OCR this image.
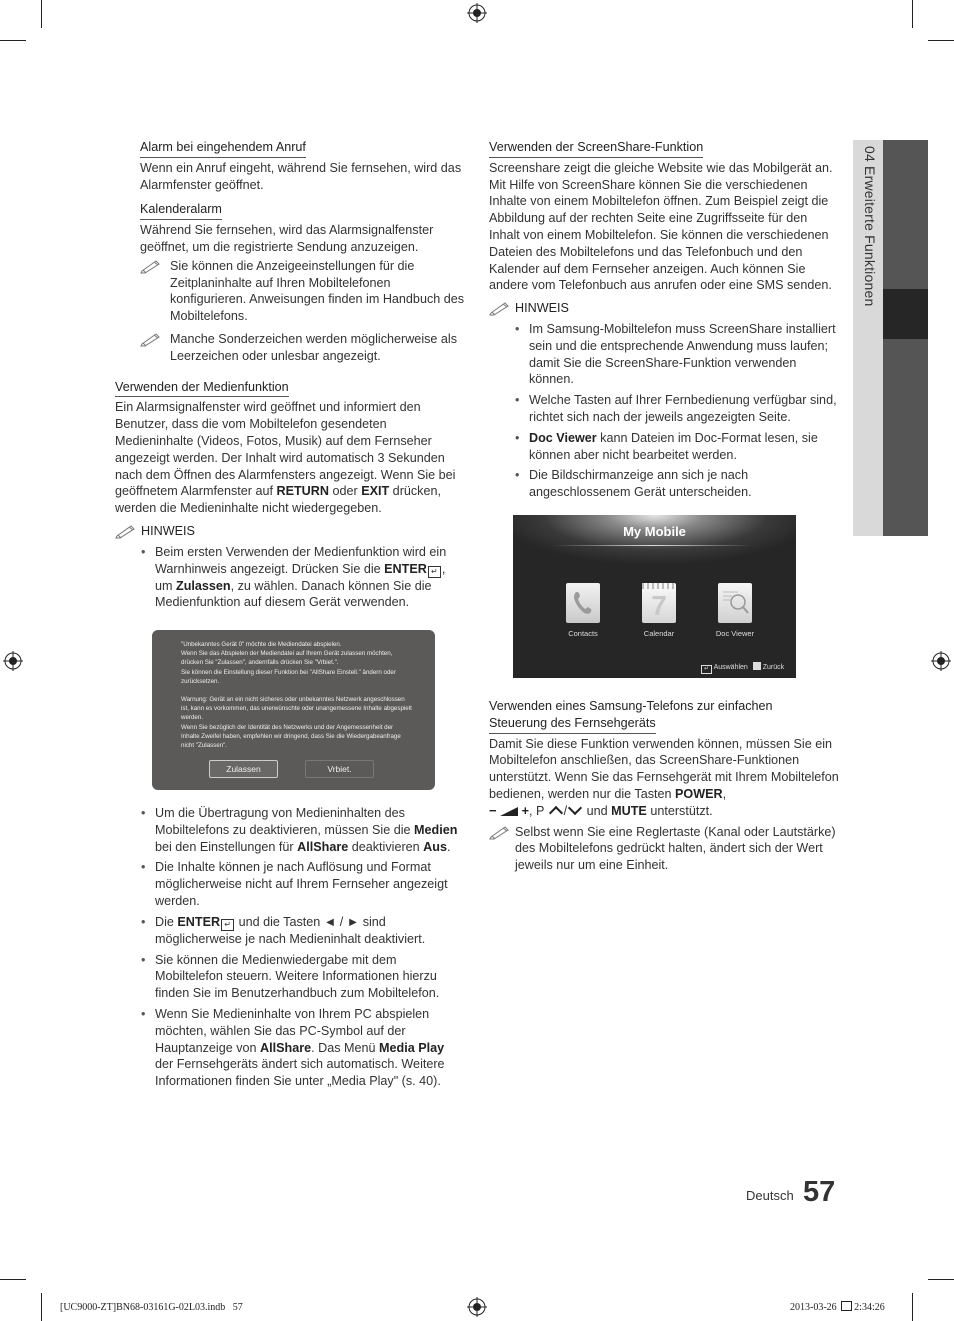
04 Erweiterte Funktionen
Alarm bei eingehendem Anruf

Wenn ein Anruf eingeht, während Sie fernsehen, wird das Alarmfenster geöffnet.

Kalenderalarm

Während Sie fernsehen, wird das Alarmsignalfenster geöffnet, um die registrierte Sendung anzuzeigen.

Sie können die Anzeigeeinstellungen für die Zeitplaninhalte auf Ihren Mobiltelefonen konfigurieren. Anweisungen finden im Handbuch des Mobiltelefons.
Manche Sonderzeichen werden möglicherweise als Leerzeichen oder unlesbar angezeigt.
Verwenden der Medienfunktion

Ein Alarmsignalfenster wird geöffnet und informiert den Benutzer, dass die vom Mobiltelefon gesendeten Medieninhalte (Videos, Fotos, Musik) auf dem Fernseher angezeigt werden. Der Inhalt wird automatisch 3 Sekunden nach dem Öffnen des Alarmfensters angezeigt. Wenn Sie bei geöffnetem Alarmfenster auf RETURN oder EXIT drücken, werden die Medieninhalte nicht wiedergegeben.

HINWEIS
• Beim ersten Verwenden der Medienfunktion wird ein Warnhinweis angezeigt. Drücken Sie die ENTER ↵ , um Zulassen, zu wählen. Danach können Sie die Medienfunktion auf diesem Gerät verwenden.
"Unbekanntes Gerät 0" möchte die Mediendatei abspielen.
Wenn Sie das Abspielen der Mediendatei auf Ihrem Gerät zulassen möchten,
drücken Sie "Zulassen", andernfalls drücken Sie "Vrbiet.".
Sie können die Einstellung dieser Funktion bei "AllShare Einstell." ändern oder
zurücksetzen.
Warnung: Gerät an ein nicht sicheres oder unbekanntes Netzwerk angeschlossen
ist, kann es vorkommen, das unerwünschte oder unangemessene Inhalte abgespielt
werden.
Wenn Sie bezüglich der Identität des Netzwerks und der Angemessenheit der
Inhalte Zweifel haben, empfehlen wir dringend, dass Sie die Wiedergabeanfrage
nicht "Zulassen".
Zulassen	Vrbiet.
• Um die Übertragung von Medieninhalten des Mobiltelefons zu deaktivieren, müssen Sie die Medien bei den Einstellungen für AllShare deaktivieren Aus.
• Die Inhalte können je nach Auflösung und Format möglicherweise nicht auf Ihrem Fernseher angezeigt werden.
• Die ENTER ↵ und die Tasten ◄ / ► sind möglicherweise je nach Medieninhalt deaktiviert.
• Sie können die Medienwiedergabe mit dem Mobiltelefon steuern. Weitere Informationen hierzu finden Sie im Benutzerhandbuch zum Mobiltelefon.
• Wenn Sie Medieninhalte von Ihrem PC abspielen möchten, wählen Sie das PC-Symbol auf der Hauptanzeige von AllShare. Das Menü Media Play der Fernsehgeräts ändert sich automatisch. Weitere Informationen finden Sie unter „Media Play" (s. 40).
Verwenden der ScreenShare-Funktion

Screenshare zeigt die gleiche Website wie das Mobilgerät an. Mit Hilfe von ScreenShare können Sie die verschiedenen Inhalte von einem Mobiltelefon öffnen. Zum Beispiel zeigt die Abbildung auf der rechten Seite eine Zugriffsseite für den Inhalt von einem Mobiltelefon. Sie können die verschiedenen Dateien des Mobiltelefons und das Telefonbuch und den Kalender auf dem Fernseher anzeigen. Auch können Sie andere vom Telefonbuch aus anrufen oder eine SMS senden.

HINWEIS
• Im Samsung-Mobiltelefon muss ScreenShare installiert sein und die entsprechende Anwendung muss laufen; damit Sie die ScreenShare-Funktion verwenden können.
• Welche Tasten auf Ihrer Fernbedienung verfügbar sind, richtet sich nach der jeweils angezeigten Seite.
• Doc Viewer kann Dateien im Doc-Format lesen, sie können aber nicht bearbeitet werden.
• Die Bildschirmanzeige ann sich je nach angeschlossenem Gerät unterscheiden.
My Mobile
Contacts
7
Calendar	Doc Viewer
↵ Auswählen Zurück
Verwenden eines Samsung-Telefons zur einfachen
Steuerung des Fernsehgeräts

Damit Sie diese Funktion verwenden können, müssen Sie ein Mobiltelefon anschließen, das ScreenShare-Funktionen unterstützt. Wenn Sie das Fernsehgerät mit Ihrem Mobiltelefon bedienen, werden nur die Tasten POWER,
− +, P / und MUTE unterstützt.

Selbst wenn Sie eine Reglertaste (Kanal oder Lautstärke) des Mobiltelefons gedrückt halten, ändert sich der Wert jeweils nur um eine Einheit.
Deutsch 57
[UC9000-ZT]BN68-03161G-02L03.indb   57	2013-03-26 2:34:26
